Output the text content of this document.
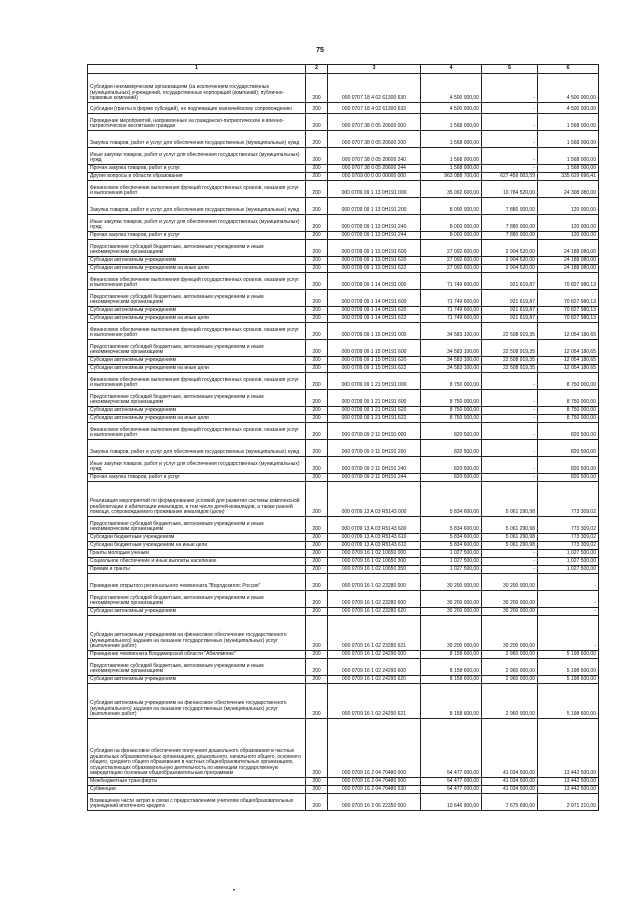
75
1	2	3	4	5	6
Субсидии некоммерческим организациям (за исключением государственных (муниципальных) учреждений, государственных корпораций (компаний), публично-правовых компаний)	200	000 0707 18 4 02 61300 630	4 500 000,00	-	4 500 000,00
Субсидии (гранты в форме субсидий), не подлежащие казначейскому сопровождению	200	000 0707 18 4 02 61300 633	4 500 000,00	-	4 500 000,00
Проведение мероприятий, направленных на гражданско-патриотическое и военно-патриотическое воспитание граждан	200	000 0707 38 0 05 20600 000	1 568 000,00	-	1 568 000,00
Закупка товаров, работ и услуг для обеспечения государственных (муниципальных) нужд	200	000 0707 38 0 05 20600 200	1 568 000,00	-	1 568 000,00
Иные закупки товаров, работ и услуг для обеспечения государственных (муниципальных) нужд	200	000 0707 38 0 05 20600 240	1 568 000,00	-	1 568 000,00
Прочая закупка товаров, работ и услуг	200	000 0707 38 0 05 20600 244	1 568 000,00	-	1 568 000,00
Другие вопросы в области образования	200	000 0709 00 0 00 00000 000	963 088 700,00	627 459 003,59	335 629 696,41
Финансовое обеспечение выполнения функций государственных органов, оказания услуг и выполнения работ	200	000 0709 09 1 13 0Н191 000	35 092 600,00	10 784 520,00	24 308 080,00
Закупка товаров, работ и услуг для обеспечения государственных (муниципальных) нужд	200	000 0709 09 1 13 0Н191 200	8 000 000,00	7 880 000,00	120 000,00
Иные закупки товаров, работ и услуг для обеспечения государственных (муниципальных) нужд	200	000 0709 09 1 13 0Н191 240	8 000 000,00	7 880 000,00	120 000,00
Прочая закупка товаров, работ и услуг	200	000 0709 09 1 13 0Н191 244	8 000 000,00	7 880 000,00	120 000,00
Предоставление субсидий бюджетным, автономным учреждениям и иным некоммерческим организациям	200	000 0709 09 1 13 0Н191 600	27 092 600,00	2 904 520,00	24 188 080,00
Субсидии автономным учреждениям	200	000 0709 09 1 13 0Н191 620	27 092 600,00	2 904 520,00	24 188 080,00
Субсидии автономным учреждениям на иные цели	200	000 0709 09 1 13 0Н191 622	27 092 600,00	2 904 520,00	24 188 080,00
Финансовое обеспечение выполнения функций государственных органов, оказания услуг и выполнения работ	200	000 0709 09 1 14 0Н191 000	71 749 600,00	921 619,87	70 827 980,13
Предоставление субсидий бюджетным, автономным учреждениям и иным некоммерческим организациям	200	000 0709 09 1 14 0Н191 600	71 749 600,00	921 619,87	70 827 980,13
Субсидии автономным учреждениям	200	000 0709 09 1 14 0Н191 620	71 749 600,00	921 619,87	70 827 980,13
Субсидии автономным учреждениям на иные цели	200	000 0709 09 1 14 0Н191 622	71 749 600,00	921 619,87	70 827 980,13
Финансовое обеспечение выполнения функций государственных органов, оказания услуг и выполнения работ	200	000 0709 09 1 15 0Н191 000	34 583 100,00	22 508 919,35	12 054 180,65
Предоставление субсидий бюджетным, автономным учреждениям и иным некоммерческим организациям	200	000 0709 09 1 15 0Н191 600	34 583 100,00	22 508 919,35	12 054 180,65
Субсидии автономным учреждениям	200	000 0709 09 1 15 0Н191 620	34 583 100,00	22 508 919,35	12 054 180,65
Субсидии автономным учреждениям на иные цели	200	000 0709 09 1 15 0Н191 622	34 583 100,00	22 508 919,35	12 054 180,65
Финансовое обеспечение выполнения функций государственных органов, оказания услуг и выполнения работ	200	000 0709 09 1 21 0Н191 000	8 750 000,00	-	8 750 000,00
Предоставление субсидий бюджетным, автономным учреждениям и иным некоммерческим организациям	200	000 0709 09 1 21 0Н191 600	8 750 000,00	-	8 750 000,00
Субсидии автономным учреждениям	200	000 0709 09 1 21 0Н191 620	8 750 000,00	-	8 750 000,00
Субсидии автономным учреждениям на иные цели	200	000 0709 09 1 21 0Н191 622	8 750 000,00	-	8 750 000,00
Финансовое обеспечение выполнения функций государственных органов, оказания услуг и выполнения работ	200	000 0709 09 2 11 0Н191 000	820 500,00	-	820 500,00
Закупка товаров, работ и услуг для обеспечения государственных (муниципальных) нужд	200	000 0709 09 2 11 0Н191 200	820 500,00	-	820 500,00
Иные закупки товаров, работ и услуг для обеспечения государственных (муниципальных) нужд	200	000 0709 09 2 11 0Н191 240	820 500,00	-	820 500,00
Прочая закупка товаров, работ и услуг	200	000 0709 09 2 11 0Н191 244	820 500,00	-	820 500,00
Реализация мероприятий по формированию условий для развития системы комплексной реабилитации и абилитации инвалидов, в том числе детей-инвалидов, а также ранней помощи, сопровождаемого проживания инвалидов (цели)	200	000 0709 13 A 03 R5143 000	5 834 600,00	5 061 290,98	773 309,02
Предоставление субсидий бюджетным, автономным учреждениям и иным некоммерческим организациям	200	000 0709 13 A 03 R5143 600	5 834 600,00	5 061 290,98	773 309,02
Субсидии бюджетным учреждениям	200	000 0709 13 A 03 R5143 610	5 834 600,00	5 061 290,98	773 309,02
Субсидии бюджетным учреждениям на иные цели	200	000 0709 13 A 03 R5143 612	5 834 600,00	5 061 290,98	773 309,02
Гранты молодым ученым	200	000 0709 16 1 02 10650 000	1 027 500,00	-	1 027 500,00
Социальное обеспечение и иные выплаты населению	200	000 0709 16 1 02 10650 300	1 027 500,00	-	1 027 500,00
Премии и гранты	200	000 0709 16 1 02 10650 350	1 027 500,00	-	1 027 500,00
Проведение открытого регионального чемпионата "Ворлдскиллс Россия"	200	000 0709 16 1 02 23280 000	30 200 000,00	30 200 000,00	-
Предоставление субсидий бюджетным, автономным учреждениям и иным некоммерческим организациям	200	000 0709 16 1 02 23280 600	30 200 000,00	30 200 000,00	-
Субсидии автономным учреждениям	200	000 0709 16 1 02 23280 620	30 200 000,00	30 200 000,00	-
Субсидии автономным учреждениям на финансовое обеспечение государственного (муниципального) задания на оказание государственных (муниципальных) услуг (выполнение работ)	200	000 0709 16 1 02 23280 621	30 200 000,00	30 200 000,00	-
Проведение чемпионата Владимирской области "Абилимпикс"	200	000 0709 16 1 02 24290 000	8 158 600,00	2 960 000,00	5 198 600,00
Предоставление субсидий бюджетным, автономным учреждениям и иным некоммерческим организациям	200	000 0709 16 1 02 24290 600	8 158 600,00	2 960 000,00	5 198 600,00
Субсидии автономным учреждениям	200	000 0709 16 1 02 24290 620	8 158 600,00	2 960 000,00	5 198 600,00
Субсидии автономным учреждениям на финансовое обеспечение государственного (муниципального) задания на оказание государственных (муниципальных) услуг (выполнение работ)	200	000 0709 16 1 02 24290 621	8 158 600,00	2 960 000,00	5 198 600,00
Субсидии на финансовое обеспечение получения дошкольного образования в частных дошкольных образовательных организациях, дошкольного, начального общего, основного общего, среднего общего образования в частных общеобразовательных организациях, осуществляющих образовательную деятельность по имеющим государственную аккредитацию основным общеобразовательным программам	200	000 0709 16 2 04 70480 000	54 477 000,00	41 034 500,00	13 442 500,00
Межбюджетные трансферты	200	000 0709 16 2 04 70480 500	54 477 000,00	41 034 500,00	13 442 500,00
Субвенции	200	000 0709 16 2 04 70480 530	54 477 000,00	41 034 500,00	13 442 500,00
Возмещение части затрат в связи с предоставлением учителям общеобразовательных учреждений ипотечного кредита	200	000 0709 16 2 06 22350 000	10 646 900,00	7 675 690,00	2 971 210,00
•
